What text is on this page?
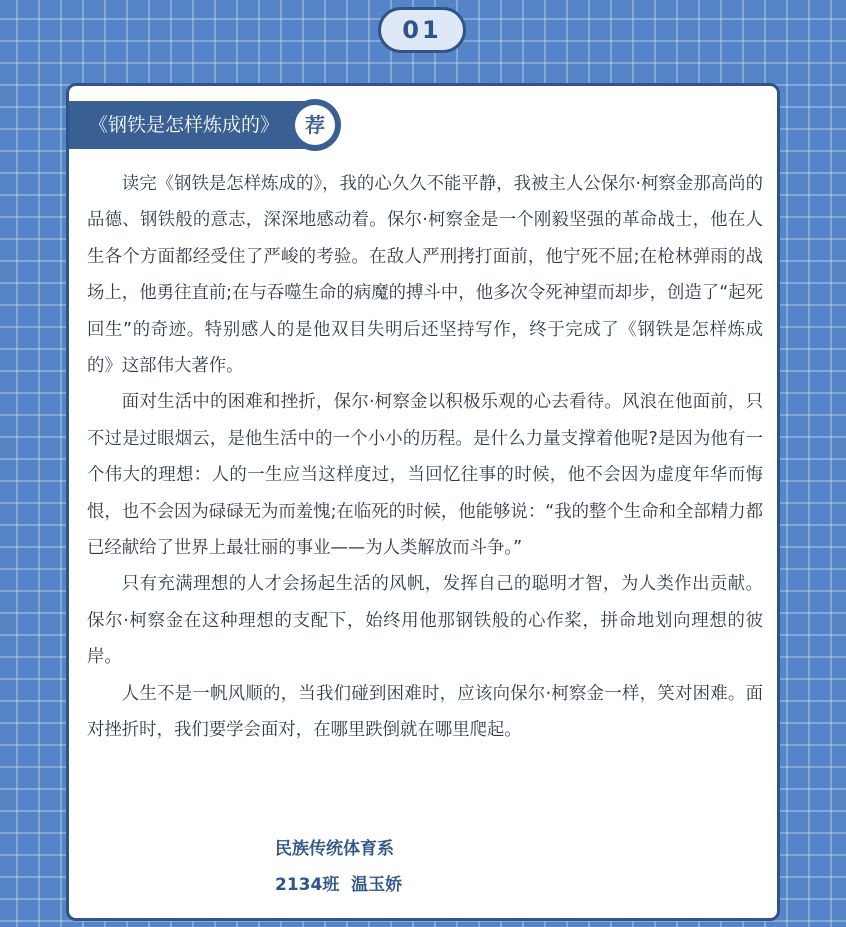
01
《钢铁是怎样炼成的》	荐

读完《钢铁是怎样炼成的》，我的心久久不能平静，我被主人公保尔·柯察金那高尚的品德、钢铁般的意志，深深地感动着。保尔·柯察金是一个刚毅坚强的革命战士，他在人生各个方面都经受住了严峻的考验。在敌人严刑拷打面前，他宁死不屈;在枪林弹雨的战场上，他勇往直前;在与吞噬生命的病魔的搏斗中，他多次令死神望而却步，创造了“起死回生”的奇迹。特别感人的是他双目失明后还坚持写作，终于完成了《钢铁是怎样炼成的》这部伟大著作。

面对生活中的困难和挫折，保尔·柯察金以积极乐观的心去看待。风浪在他面前，只不过是过眼烟云，是他生活中的一个小小的历程。是什么力量支撑着他呢?是因为他有一个伟大的理想：人的一生应当这样度过，当回忆往事的时候，他不会因为虚度年华而悔恨，也不会因为碌碌无为而羞愧;在临死的时候，他能够说：“我的整个生命和全部精力都已经献给了世界上最壮丽的事业——为人类解放而斗争。”

只有充满理想的人才会扬起生活的风帆，发挥自己的聪明才智，为人类作出贡献。保尔·柯察金在这种理想的支配下，始终用他那钢铁般的心作桨，拼命地划向理想的彼岸。

人生不是一帆风顺的，当我们碰到困难时，应该向保尔·柯察金一样，笑对困难。面对挫折时，我们要学会面对，在哪里跌倒就在哪里爬起。

民族传统体育系
2134班  温玉娇
